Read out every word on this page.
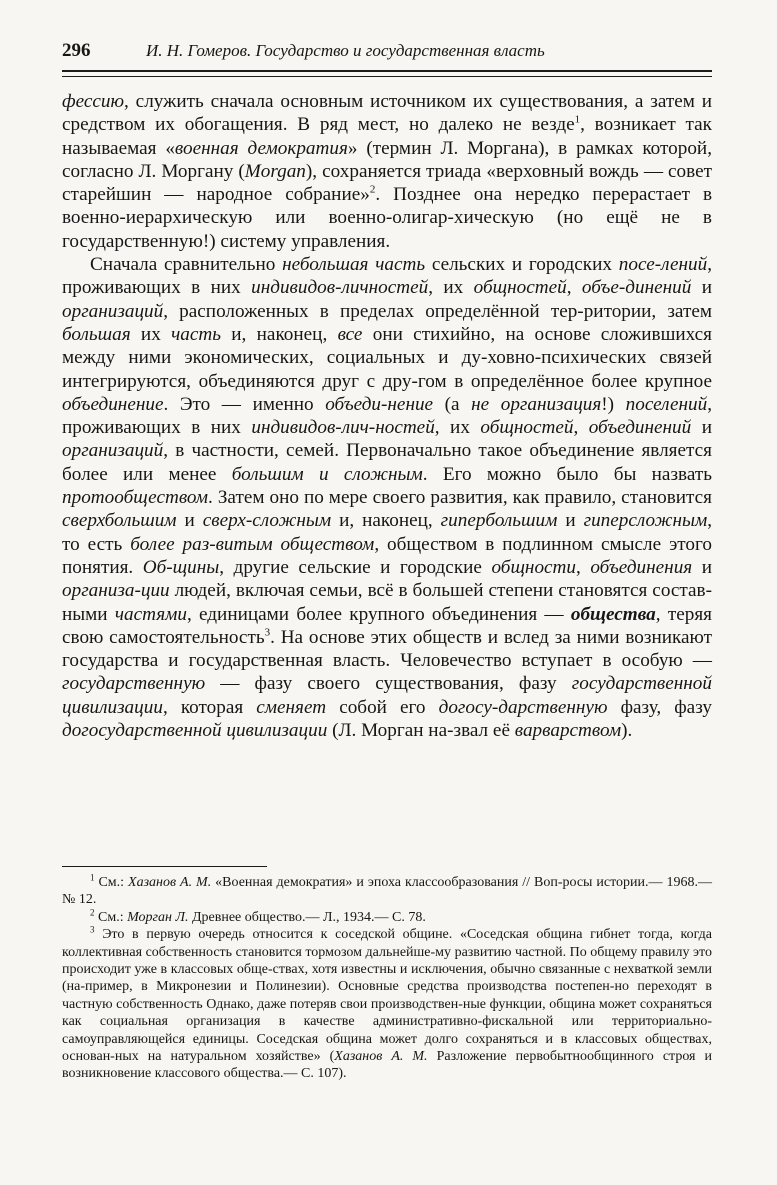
296	И. Н. Гомеров. Государство и государственная власть

фессию, служить сначала основным источником их существования, а затем и средством их обогащения. В ряд мест, но далеко не везде$^1$, возникает так называемая «военная демократия» (термин Л. Моргана), в рамках которой, согласно Л. Моргану (Morgan), сохраняется триада «верховный вождь — совет старейшин — народное собрание»$^2$. Позднее она нередко перерастает в военно-иерархическую или военно-олигар-хическую (но ещё не в государственную!) систему управления.

Сначала сравнительно небольшая часть сельских и городских посе-лений, проживающих в них индивидов-личностей, их общностей, объе-динений и организаций, расположенных в пределах определённой тер-ритории, затем большая их часть и, наконец, все они стихийно, на основе сложившихся между ними экономических, социальных и ду-ховно-психических связей интегрируются, объединяются друг с дру-гом в определённое более крупное объединение. Это — именно объеди-нение (а не организация!) поселений, проживающих в них индивидов-лич-ностей, их общностей, объединений и организаций, в частности, семей. Первоначально такое объединение является более или менее большим и сложным. Его можно было бы назвать протообществом. Затем оно по мере своего развития, как правило, становится сверхбольшим и сверх-сложным и, наконец, гипербольшим и гиперсложным, то есть более раз-витым обществом, обществом в подлинном смысле этого понятия. Об-щины, другие сельские и городские общности, объединения и организа-ции людей, включая семьи, всё в большей степени становятся состав-ными частями, единицами более крупного объединения — общества, теряя свою самостоятельность$^3$. На основе этих обществ и вслед за ними возникают государства и государственная власть. Человечество вступает в особую — государственную — фазу своего существования, фазу государственной цивилизации, которая сменяет собой его догосу-дарственную фазу, фазу догосударственной цивилизации (Л. Морган на-звал её варварством).

$^1$ См.: Хазанов А. М. «Военная демократия» и эпоха классообразования // Воп-росы истории.— 1968.— № 12.

$^2$ См.: Морган Л. Древнее общество.— Л., 1934.— С. 78.

$^3$ Это в первую очередь относится к соседской общине. «Соседская община гибнет тогда, когда коллективная собственность становится тормозом дальнейше-му развитию частной. По общему правилу это происходит уже в классовых обще-ствах, хотя известны и исключения, обычно связанные с нехваткой земли (на-пример, в Микронезии и Полинезии). Основные средства производства постепен-но переходят в частную собственность Однако, даже потеряв свои производствен-ные функции, община может сохраняться как социальная организация в качестве административно-фискальной или территориально-самоуправляющейся единицы. Соседская община может долго сохраняться и в классовых обществах, основан-ных на натуральном хозяйстве» (Хазанов А. М. Разложение первобытнообщинного строя и возникновение классового общества.— С. 107).
